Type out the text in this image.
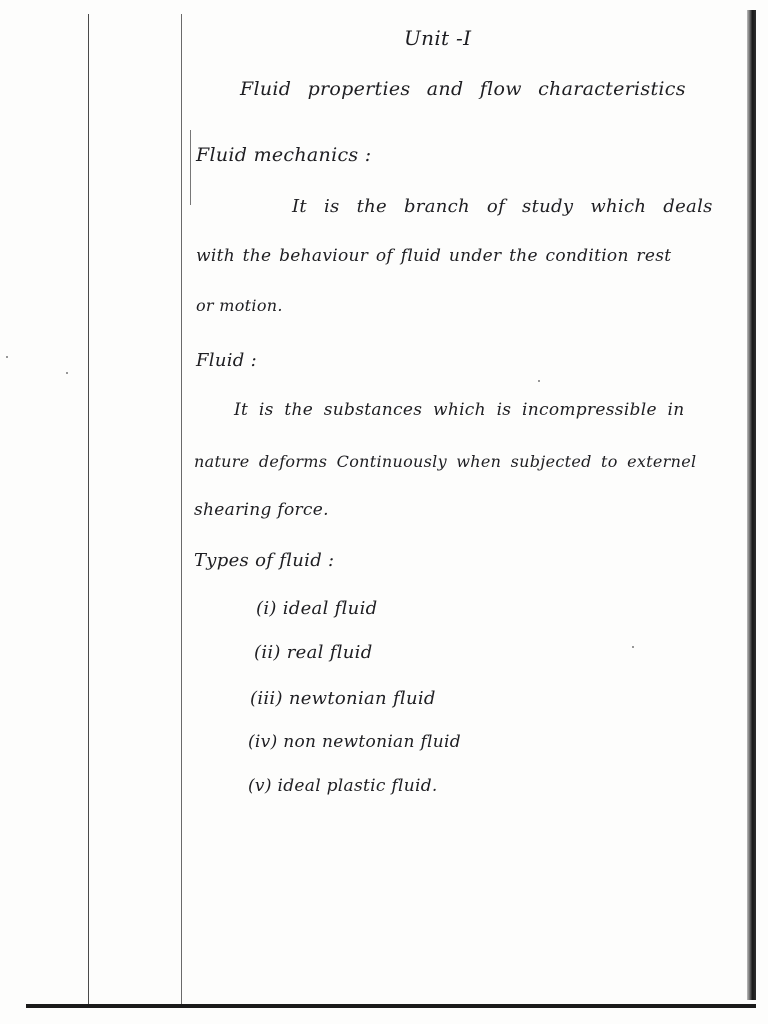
Unit -I
Fluid properties and flow characteristics
Fluid mechanics :
It is the branch of study which deals
with the behaviour of fluid under the condition rest
or motion.
Fluid :
It is the substances which is incompressible in
nature deforms Continuously when subjected to externel
shearing force.
Types of fluid :
(i) ideal fluid
(ii) real fluid
(iii) newtonian fluid
(iv) non newtonian fluid
(v) ideal plastic fluid.
